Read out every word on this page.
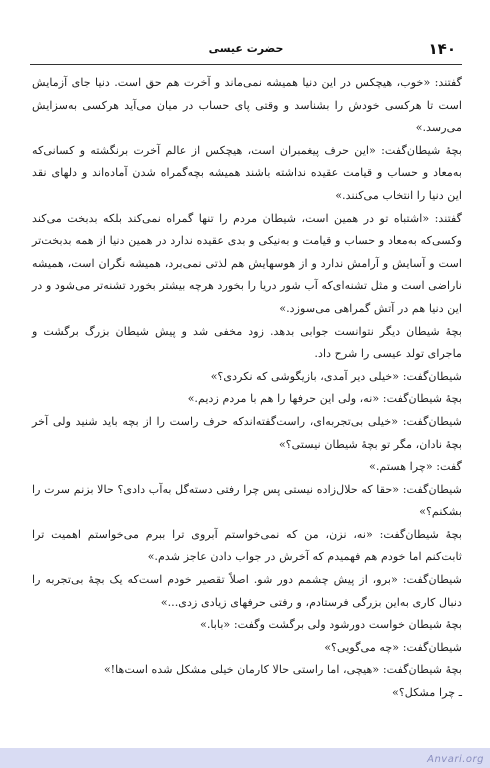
حضرت عیسی	۱۴۰

گفتند: «خوب، هیچکس در این دنیا همیشه نمی‌ماند و آخرت هم حق است. دنیا جای آزمایش است تا هرکسی خودش را بشناسد و وقتی پای حساب در میان می‌آید هرکسی به‌سزایش می‌رسد.»

بچهٔ شیطان‌گفت: «این حرف پیغمبران است، هیچکس از عالم آخرت برنگشته و کسانی‌که به‌معاد و حساب و قیامت عقیده نداشته باشند همیشه بچه‌گمراه شدن آماده‌اند و دلهای نقد این دنیا را انتخاب می‌کنند.»

گفتند: «اشتباه تو در همین است، شیطان مردم را تنها گمراه نمی‌کند بلکه بدبخت می‌کند وکسی‌که به‌معاد و حساب و قیامت و به‌نیکی و بدی عقیده ندارد در همین دنیا از همه بدبخت‌تر است و آسایش و آرامش ندارد و از هوسهایش هم لذتی نمی‌برد، همیشه نگران است، همیشه ناراضی است و مثل تشنه‌ای‌که آب شور دریا را بخورد هرچه بیشتر بخورد تشنه‌تر می‌شود و در این دنیا هم در آتش گمراهی می‌سوزد.»

بچهٔ شیطان دیگر نتوانست جوابی بدهد. زود مخفی شد و پیش شیطان بزرگ برگشت و ماجرای تولد عیسی را شرح داد.

شیطان‌گفت: «خیلی دیر آمدی، بازیگوشی که نکردی؟»

بچهٔ شیطان‌گفت: «نه، ولی این حرفها را هم با مردم زدیم.»

شیطان‌گفت: «خیلی بی‌تجربه‌ای، راست‌گفته‌اندکه حرف راست را از بچه باید شنید ولی آخر بچهٔ نادان، مگر تو بچهٔ شیطان نیستی؟»

گفت: «چرا هستم.»

شیطان‌گفت: «حقا که حلال‌زاده نیستی پس چرا رفتی دسته‌گل به‌آب دادی؟ حالا بزنم سرت را بشکنم؟»

بچهٔ شیطان‌گفت: «نه، نزن، من که نمی‌خواستم آبروی ترا ببرم می‌خواستم اهمیت ترا ثابت‌کنم اما خودم هم فهمیدم که آخرش در جواب دادن عاجز شدم.»

شیطان‌گفت: «برو، از پیش چشمم دور شو. اصلاً تقصیر خودم است‌که یک بچهٔ بی‌تجربه را دنبال کاری به‌این بزرگی فرستادم، و رفتی حرفهای زیادی زدی...»

بچهٔ شیطان خواست دورشود ولی برگشت وگفت: «بابا.»

شیطان‌گفت: «چه می‌گویی؟»

بچهٔ شیطان‌گفت: «هیچی، اما راستی حالا کارمان خیلی مشکل شده است‌ها!»

ـ چرا مشکل؟»

Anvari.org
